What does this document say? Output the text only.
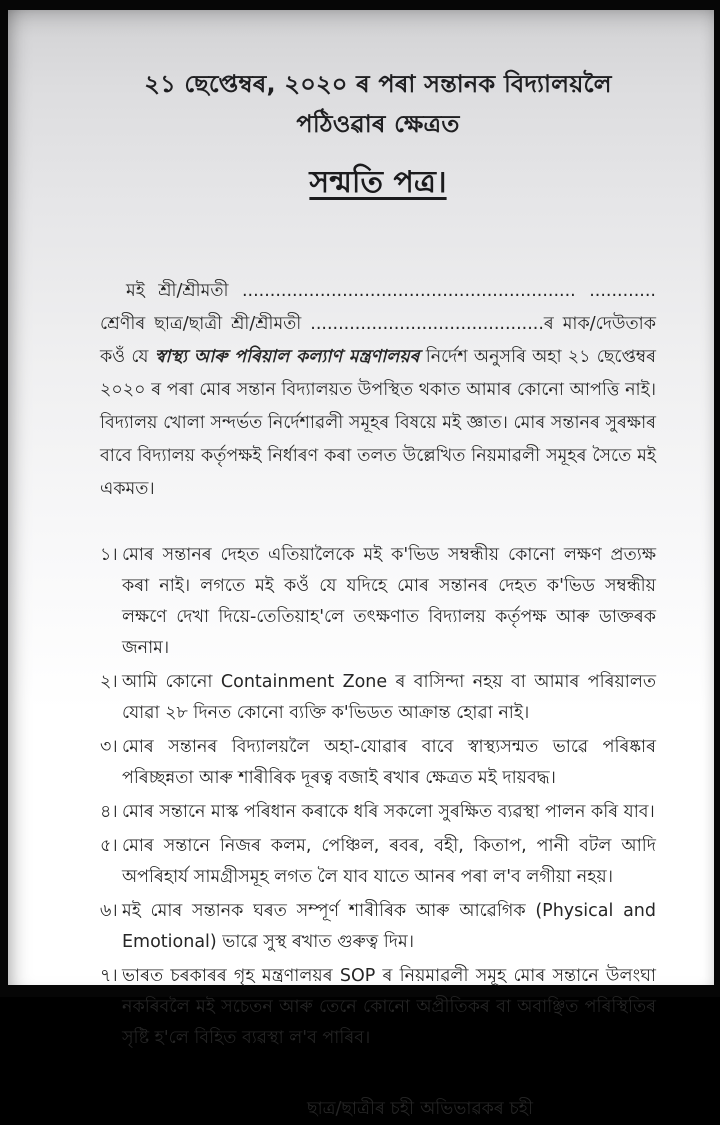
২১ ছেপ্তেম্বৰ, ২০২০ ৰ পৰা সন্তানক বিদ্যালয়লৈ পঠিওৱাৰ ক্ষেত্ৰত
সন্মতি পত্ৰ।

মই শ্ৰী/শ্ৰীমতী ............................................................ ............ শ্ৰেণীৰ ছাত্ৰ/ছাত্ৰী শ্ৰী/শ্ৰীমতী ..........................................ৰ মাক/দেউতাক কওঁ যে স্বাস্থ্য আৰু পৰিয়াল কল্যাণ মন্ত্ৰণালয়ৰ নিৰ্দেশ অনুসৰি অহা ২১ ছেপ্তেম্বৰ ২০২০ ৰ পৰা মোৰ সন্তান বিদ্যালয়ত উপস্থিত থকাত আমাৰ কোনো আপত্তি নাই। বিদ্যালয় খোলা সন্দৰ্ভত নিৰ্দেশাৱলী সমূহৰ বিষয়ে মই জ্ঞাত। মোৰ সন্তানৰ সুৰক্ষাৰ বাবে বিদ্যালয় কৰ্তৃপক্ষই নিৰ্ধাৰণ কৰা তলত উল্লেখিত নিয়মাৱলী সমূহৰ সৈতে মই একমত।

১। মোৰ সন্তানৰ দেহত এতিয়ালৈকে মই ক'ভিড সম্বন্ধীয় কোনো লক্ষণ প্ৰত্যক্ষ কৰা নাই। লগতে মই কওঁ যে যদিহে মোৰ সন্তানৰ দেহত ক'ভিড সম্বন্ধীয় লক্ষণে দেখা দিয়ে-তেতিয়াহ'লে তৎক্ষণাত বিদ্যালয় কৰ্তৃপক্ষ আৰু ডাক্তৰক জনাম।
২। আমি কোনো Containment Zone ৰ বাসিন্দা নহয় বা আমাৰ পৰিয়ালত যোৱা ২৮ দিনত কোনো ব্যক্তি ক'ভিডত আক্ৰান্ত হোৱা নাই।
৩। মোৰ সন্তানৰ বিদ্যালয়লৈ অহা-যোৱাৰ বাবে স্বাস্থ্যসন্মত ভাৱে পৰিষ্কাৰ পৰিচ্ছন্নতা আৰু শাৰীৰিক দূৰত্ব বজাই ৰখাৰ ক্ষেত্ৰত মই দায়বদ্ধ।
৪। মোৰ সন্তানে মাস্ক পৰিধান কৰাকে ধৰি সকলো সুৰক্ষিত ব্যৱস্থা পালন কৰি যাব।
৫। মোৰ সন্তানে নিজৰ কলম, পেঞ্চিল, ৰবৰ, বহী, কিতাপ, পানী বটল আদি অপৰিহাৰ্য সামগ্ৰীসমূহ লগত লৈ যাব যাতে আনৰ পৰা ল'ব লগীয়া নহয়।
৬। মই মোৰ সন্তানক ঘৰত সম্পূৰ্ণ শাৰীৰিক আৰু আৱেগিক (Physical and Emotional) ভাৱে সুস্থ ৰখাত গুৰুত্ব দিম।
৭। ভাৰত চৰকাৰৰ গৃহ মন্ত্ৰণালয়ৰ SOP ৰ নিয়মাৱলী সমূহ মোৰ সন্তানে উলংঘা নকৰিবলৈ মই সচেতন আৰু তেনে কোনো অপ্ৰীতিকৰ বা অবাঞ্ছিত পৰিস্থিতিৰ সৃষ্টি হ'লে বিহিত ব্যৱস্থা ল'ব পাৰিব।
ছাত্ৰ/ছাত্ৰীৰ চহী অভিভাৱকৰ চহী
